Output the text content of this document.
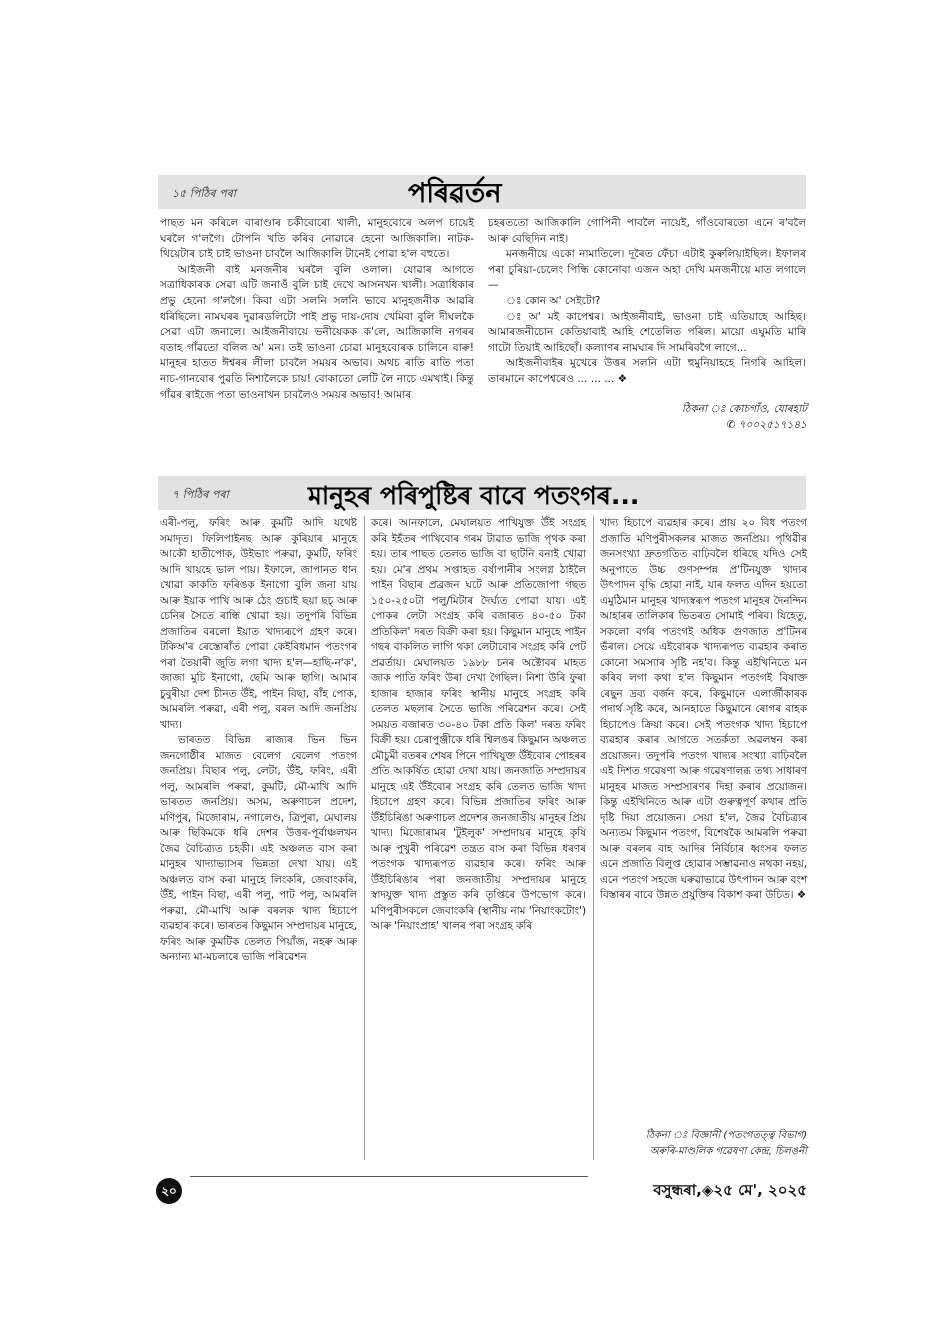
১৫ পিঠিৰ পৰা	পৰিৱৰ্তন

পাছত মন কৰিলে বাৰাণ্ডাৰ চকীবোৰো খালী, মানুহবোৰে অলপ চায়েই ঘৰলৈ গ'লগৈ। টোপনি খতি কৰিব নোৱাৰে হেনো আজিকালি। নাটক-থিয়েটাৰ চাই চাই ভাওনা চাবলৈ আজিকালি টানেই পোৱা হ'ল বহুতে।

আইজনী বাই মনজনীৰ ঘৰলৈ বুলি ওলাল। যোৱাৰ আগতে সত্ৰাধিকাৰক সেৱা এটি জনাওঁ বুলি চাই দেখে আসনখন খালী। সত্ৰাধিকাৰ প্ৰভু হেনো গ'লগৈ। কিবা এটা সলনি সলনি ভাবে মানুহজনীক আৱৰি ধৰিছিলে। নামঘৰৰ দুৱাৰডলিটো পাই প্ৰভু দায়-দোষ খেমিবা বুলি দীঘলকৈ সেৱা এটা জনালে। আইজনীবায়ে ভনীয়েকক ক'লে, আজিকালি নগৰৰ বতাহ গাঁৱতো বলিল অ' মন। তই ভাওনা চোৱা মানুহবোৰক চালিনে বাৰু! মানুহৰ হাতত ঈশ্বৰৰ লীলা চাবলৈ সময়ৰ অভাব। অথচ ৰাতি ৰাতি পতা নাচ-গানবোৰ পুৱতি নিশালৈকে চায়! বোকাতো লেটি লৈ নাচে এমখাই। কিন্তু গাঁৱৰ ৰাইজে পতা ভাওনাখন চাবলৈও সময়ৰ অভাব! আমাৰ

চহৰততো আজিকালি গোপিনী পাবলৈ নায়েই, গাঁওবোৰতো এনে ৰ'বলৈ আৰু বেছিদিন নাই।

মনজনীয়ে একো নামাতিলে। দূৰৈত ফেঁচা এটাই কুৰুলিয়াইছিল। ইফালৰ পৰা চুৰিয়া-চেলেং পিন্ধি কোনোবা এজন অহা দেখি মনজনীয়ে মাত লগালে—

ঃ কোন অ' সেইটো?

ঃ অ' মই কাপেশ্বৰ। আইজনীবাই, ভাওনা চাই এতিয়াহে আহিছ। আমাৰজনীচোন কেতিয়াবাই আহি শেতেলিত পৰিল। মায়ো এঘুমতি মাৰি গাটো তিয়াই আহিছোঁ। কল্যাণৰ নামঘাৰ দি সামৰিবগৈ লাগে...

আইজনীবাইৰ মুখেৰে উত্তৰ সলনি এটা হুমুনিয়াহহে নিগৰি আহিল। তাৰমানে কাপেশ্বৰেও ... ... ... ❖

ঠিকনা ঃ কোচগাঁও, যোৰহাট
✆ ৭০০২৫১৭১৪১
৭ পিঠিৰ পৰা	মানুহৰ পৰিপুষ্টিৰ বাবে পতংগৰ...

এৰী-পলু, ফৰিং আৰু কুমটি আদি যথেষ্ট সমাদৃত। ফিলিপাইনছ আৰু কুৰিয়াৰ মানুহে আকৌ হাতীপোক, উইভাং পৰুৱা, কুমটি, ফৰিং আদি খায়হে ভাল পায়। ইফালে, জাপানত ধান খোৱা কাকতি ফৰিঙক ইনাগো বুলি জনা যায় আৰু ইয়াক পাখি আৰু ঠেং গুচাই ছয়া ছচ্‌ আৰু চেনিৰ সৈতে ৰান্ধি খোৱা হয়। তদুপৰি বিভিন্ন প্ৰজাতিৰ বৰলো ইয়াত খাদ্যৰূপে গ্ৰহণ কৰে। টকিঅ'ৰ ৰেস্তোৰাঁত পোৱা কেইবিধমান পতংগৰ পৰা তৈয়াৰী জুতি লগা খাদ্য হ'ল—হাছি-ন'ক', জাজা মুচি ইনাগো, ছেমি আৰু ছাগি। আমাৰ চুবুৰীয়া দেশ চীনত উঁই, পাইন বিছা, বাঁহ পোক, আমৰলি পৰুৱা, এৰী পলু, বৰল আদি জনপ্ৰিয় খাদ্য।

ভাৰতত বিভিন্ন ৰাজ্যৰ ভিন ভিন জনগোষ্ঠীৰ মাজত বেলেগ বেলেগ পতংগ জনপ্ৰিয়। বিছাৰ পলু, লেটা, উঁই, ফৰিং, এৰী পলু, আমৰলি পৰুৱা, কুমটি, মৌ-মাখি আদি ভাৰতত জনপ্ৰিয়। অসম, অৰুণাচল প্ৰদেশ, মণিপুৰ, মিজোৰাম, নগালেণ্ড, ত্ৰিপুৰা, মেঘালয় আৰু ছিকিমকে ধৰি দেশৰ উত্তৰ-পূৰ্বাঞ্চলখন জৈৱ বৈচিত্ৰ্যত চহকী। এই অঞ্চলত বাস কৰা মানুহৰ খাদ্যাভ্যাসৰ ভিন্নতা দেখা যায়। এই অঞ্চলত বাস কৰা মানুহে লিংকৰি, জেবাংকৰি, উঁই, পাইন বিছা, এৰী পলু, পাট পলু, আমৰলি পৰুৱা, মৌ-মাখি আৰু বৰলক খাদ্য হিচাপে ব্যৱহাৰ কৰে। ভাৰতৰ কিছুমান সম্প্ৰদায়ৰ মানুহে, ফৰিং আৰু কুমটিক তেলত পিয়াঁজ, নহৰু আৰু অন্যান্য মা-মচলাৰে ভাজি পৰিৱেশন

কৰে। আনফালে, মেঘালয়ত পাখিযুক্ত উঁই সংগ্ৰহ কৰি ইহঁতৰ পাখিবোৰ গৰম টাৱাত ভাজি পৃথক কৰা হয়। তাৰ পাছত তেলত ভাজি বা ছাটনি বনাই খোৱা হয়। মে'ৰ প্ৰথম সপ্তাহত বৰ্ষাপানীৰ সংলগ্ন ঠাইলৈ পাইন বিছাৰ প্ৰব্ৰজন ঘটে আৰু প্ৰতিজোপা গছত ১৫০-২৫০টা পলু/মিটাৰ দৈৰ্ঘ্যত পোৱা যায়। এই পোকৰ লেটা সংগ্ৰহ কৰি বজাৰত ৪০-৫০ টকা প্ৰতিকিল' দৰত বিক্ৰী কৰা হয়। কিছুমান মানুহে পাইন গছৰ বাকলিত লাগি থকা লেটাবোৰ সংগ্ৰহ কৰি পেট প্ৰৱৰ্তায়। মেঘালয়ত ১৯৮৮ চনৰ অক্টোবৰ মাহত জাক পাতি ফৰিং উৰা দেখা গৈছিল। নিশা উৰি ফুৰা হাজাৰ হাজাৰ ফৰিং স্থানীয় মানুহে সংগ্ৰহ কৰি তেলত মছলাৰ সৈতে ভাজি পৰিৱেশন কৰে। সেই সময়ত বজাৰত ৩০-৪০ টকা প্ৰতি কিল' দৰত ফৰিং বিক্ৰী হয়। চেৰাপুঞ্জীকে ধৰি শ্বিলঙৰ কিছুমান অঞ্চলত মৌচুমী বতৰৰ শেষৰ পিনে পাখিযুক্ত উঁইবোৰ পোহৰৰ প্ৰতি আকৰ্ষিত হোৱা দেখা যায়। জনজাতি সম্প্ৰদায়ৰ মানুহে এই উঁইবোৰ সংগ্ৰহ কৰি তেলত ভাজি খাদ্য হিচাপে গ্ৰহণ কৰে। বিভিন্ন প্ৰজাতিৰ ফৰিং আৰু উঁইচিৰিঙা অৰুণাচল প্ৰদেশৰ জনজাতীয় মানুহৰ প্ৰিয় খাদ্য। মিজোৰামৰ 'টুইলুক' সম্প্ৰদায়ৰ মানুহে কৃষি আৰু পুখুৰী পৰিৱেশ তন্ত্ৰত বাস কৰা বিভিন্ন ধৰণৰ পতংগক খাদ্যৰূপত ব্যৱহাৰ কৰে। ফৰিং আৰু উঁইচিৰিঙাৰ পৰা জনজাতীয় সম্প্ৰদায়ৰ মানুহে স্বাদযুক্ত খাদ্য প্ৰস্তুত কৰি তৃপ্তিৰে উপভোগ কৰে। মণিপুৰীসকলে জেবাংকৰি (স্থানীয় নাম 'নিয়াংকটোং') আৰু 'নিয়াংপ্ৰাহ' খালৰ পৰা সংগ্ৰহ কৰি

খাদ্য হিচাপে ব্যৱহাৰ কৰে। প্ৰায় ২০ বিধ পতংগ প্ৰজাতি মণিপুৰীসকলৰ মাজত জনপ্ৰিয়। পৃথিৱীৰ জনসংখ্যা দ্ৰুতগতিত বাঢ়িবলৈ ধৰিছে যদিও সেই অনুপাতে উচ্চ গুণসম্পন্ন প্ৰ'টিনযুক্ত খাদ্যৰ উৎপাদন বৃদ্ধি হোৱা নাই, যাৰ ফলত এদিন হয়তো এমুঠিমান মানুহৰ খাদ্যস্বৰূপ পতংগ মানুহৰ দৈনন্দিন আহাৰৰ তালিকাৰ ভিতৰত সোমাই পৰিব। যিহেতু, সকলো বৰ্গৰ পতংগই অধিক গুণজাত প্ৰ'টিনৰ ভঁৰাল। সেয়ে এইবোৰক খাদ্যৰূপত ব্যৱহাৰ কৰাত কোনো সমস্যাৰ সৃষ্টি নহ'ব। কিন্তু এইখিনিতে মন কৰিব লগা কথা হ'ল কিছুমান পতংগই বিষাক্ত ৰেছুন দ্ৰব্য বৰ্জন কৰে, কিছুমানে এলাৰ্জীকাৰক পদাৰ্থ সৃষ্টি কৰে, আনহাতে কিছুমানে ৰোগৰ বাহক হিচাপেও ক্ৰিয়া কৰে। সেই পতংগক খাদ্য হিচাপে ব্যৱহাৰ কৰাৰ আগতে সতৰ্কতা অৱলম্বন কৰা প্ৰয়োজন। তদুপৰি পতংগ খাদ্যৰ সংখ্যা বাঢ়িবলৈ এই দিশত গৱেষণা আৰু গৱেষণালব্ধ তথ্য সাধাৰণ মানুহৰ মাজত সম্প্ৰসাৰণৰ দিহা কৰাৰ প্ৰয়োজন। কিন্তু এইখিনিতে আৰু এটা গুৰুত্বপূৰ্ণ কথাৰ প্ৰতি দৃষ্টি দিয়া প্ৰয়োজন। সেয়া হ'ল, জৈৱ বৈচিত্ৰ্যৰ অন্যতম কিছুমান পতংগ, বিশেষকৈ আমৰলি পৰুৱা আৰু বৰলৰ বাহ আদিৰ নিৰ্বিচাৰ ধ্বংসৰ ফলত এনে প্ৰজাতি বিলুপ্ত হোৱাৰ সম্ভাৱনাও নথকা নহয়, এনে পতংগ সহজে ঘৰুৱাভাৱে উৎপাদন আৰু বংশ বিস্তাৰৰ বাবে উন্নত প্ৰযুক্তিৰ বিকাশ কৰা উচিত। ❖

ঠিকনা ঃ বিজ্ঞানী (পতংগতত্ত্ব বিভাগ)
অৰুৰি-মাণ্ডলিক গৱেষণা কেন্দ্ৰ, চিলঙনী
২০	বসুন্ধৰা,◈২৫ মে', ২০২৫
